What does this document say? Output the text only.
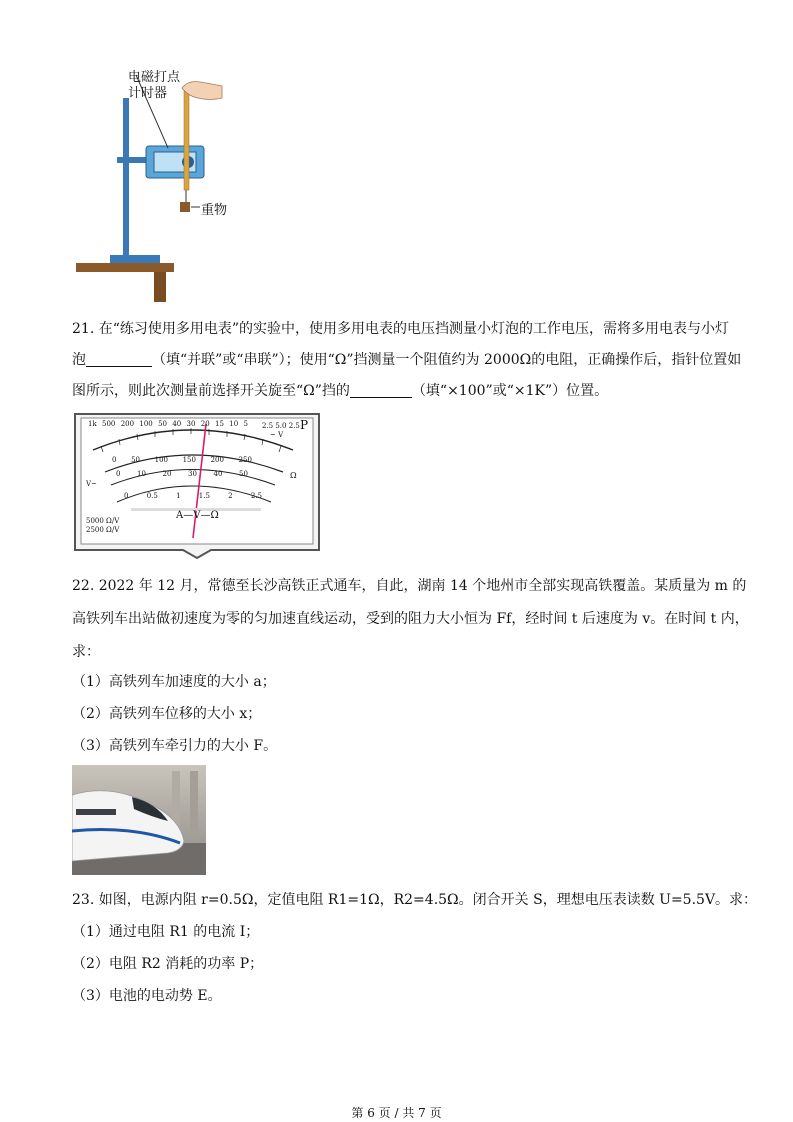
电磁打点
计时器
重物
21. 在“练习使用多用电表”的实验中，使用多用电表的电压挡测量小灯泡的工作电压，需将多用电表与小灯
泡	（填“并联”或“串联”）；使用“Ω”挡测量一个阻值约为 2000Ω的电阻，正确操作后，指针位置如
图所示，则此次测量前选择开关旋至“Ω”挡的	（填“×100”或“×1K”）位置。
1k 500 200 100 50 40 30 20 15 10 5
0 50 100 150 200 250
0 10 20 30 40 50
0	0.5	1	1.5	2	2.5
2.5 5.0 2.5
~ V
P
Ω
V~
A—V—Ω
5000 Ω/V
2500 Ω/V
22. 2022 年 12 月，常德至长沙高铁正式通车，自此，湖南 14 个地州市全部实现高铁覆盖。某质量为 m 的
高铁列车出站做初速度为零的匀加速直线运动，受到的阻力大小恒为 Ff，经时间 t 后速度为 v。在时间 t 内，
求：
（1）高铁列车加速度的大小 a；
（2）高铁列车位移的大小 x；
（3）高铁列车牵引力的大小 F。
23. 如图，电源内阻 r=0.5Ω，定值电阻 R1=1Ω，R2=4.5Ω。闭合开关 S，理想电压表读数 U=5.5V。求：
（1）通过电阻 R1 的电流 I；
（2）电阻 R2 消耗的功率 P；
（3）电池的电动势 E。
第 6 页 / 共 7 页
